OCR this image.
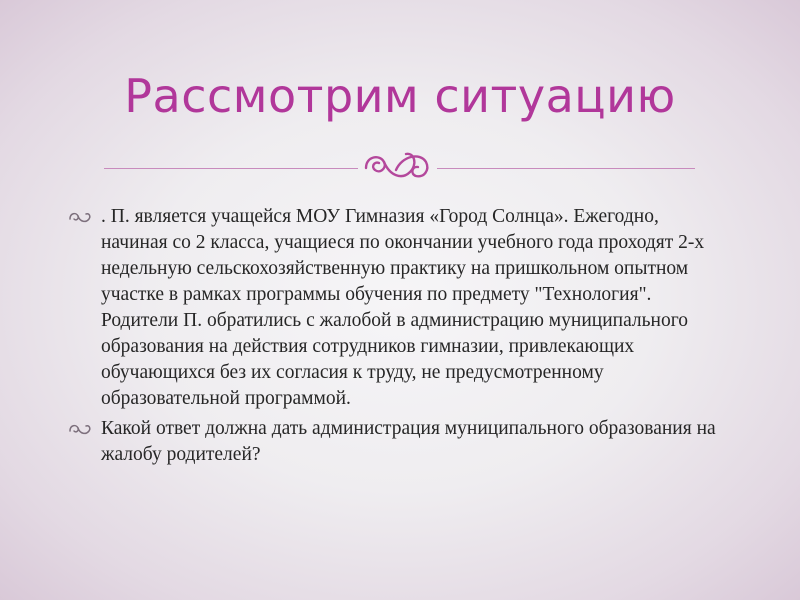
Рассмотрим ситуацию
. П. является учащейся МОУ Гимназия «Город Солнца». Ежегодно, начиная со 2 класса, учащиеся по окончании учебного года проходят 2-х недельную сельскохозяйственную практику на пришкольном опытном участке в рамках программы обучения по предмету "Технология". Родители П. обратились с жалобой в администрацию муниципального образования на действия сотрудников гимназии, привлекающих обучающихся без их согласия к труду, не предусмотренному образовательной программой.
Какой ответ должна дать администрация муниципального образования на жалобу родителей?
